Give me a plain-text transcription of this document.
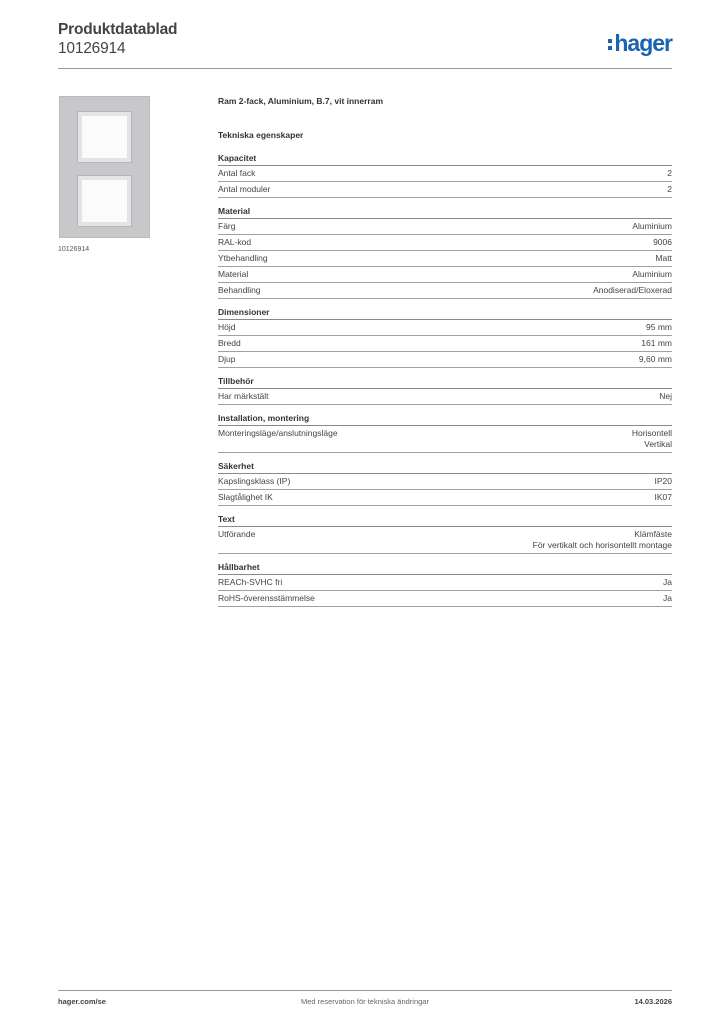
Produktdatablad
10126914	hager
10126914
Ram 2-fack, Aluminium, B.7, vit innerram
Tekniska egenskaper
Kapacitet
Antal fack	2
Antal moduler	2
Material
Färg	Aluminium
RAL-kod	9006
Ytbehandling	Matt
Material	Aluminium
Behandling	Anodiserad/Eloxerad
Dimensioner
Höjd	95 mm
Bredd	161 mm
Djup	9,60 mm
Tillbehör
Har märkstält	Nej
Installation, montering
Monteringsläge/anslutningsläge	Horisontell
Vertikal
Säkerhet
Kapslingsklass (IP)	IP20
Slagtålighet IK	IK07
Text
Utförande	Klämfäste
För vertikalt och horisontellt montage
Hållbarhet
REACh-SVHC fri	Ja
RoHS-överensstämmelse	Ja
hager.com/se	Med reservation för tekniska ändringar	14.03.2026
